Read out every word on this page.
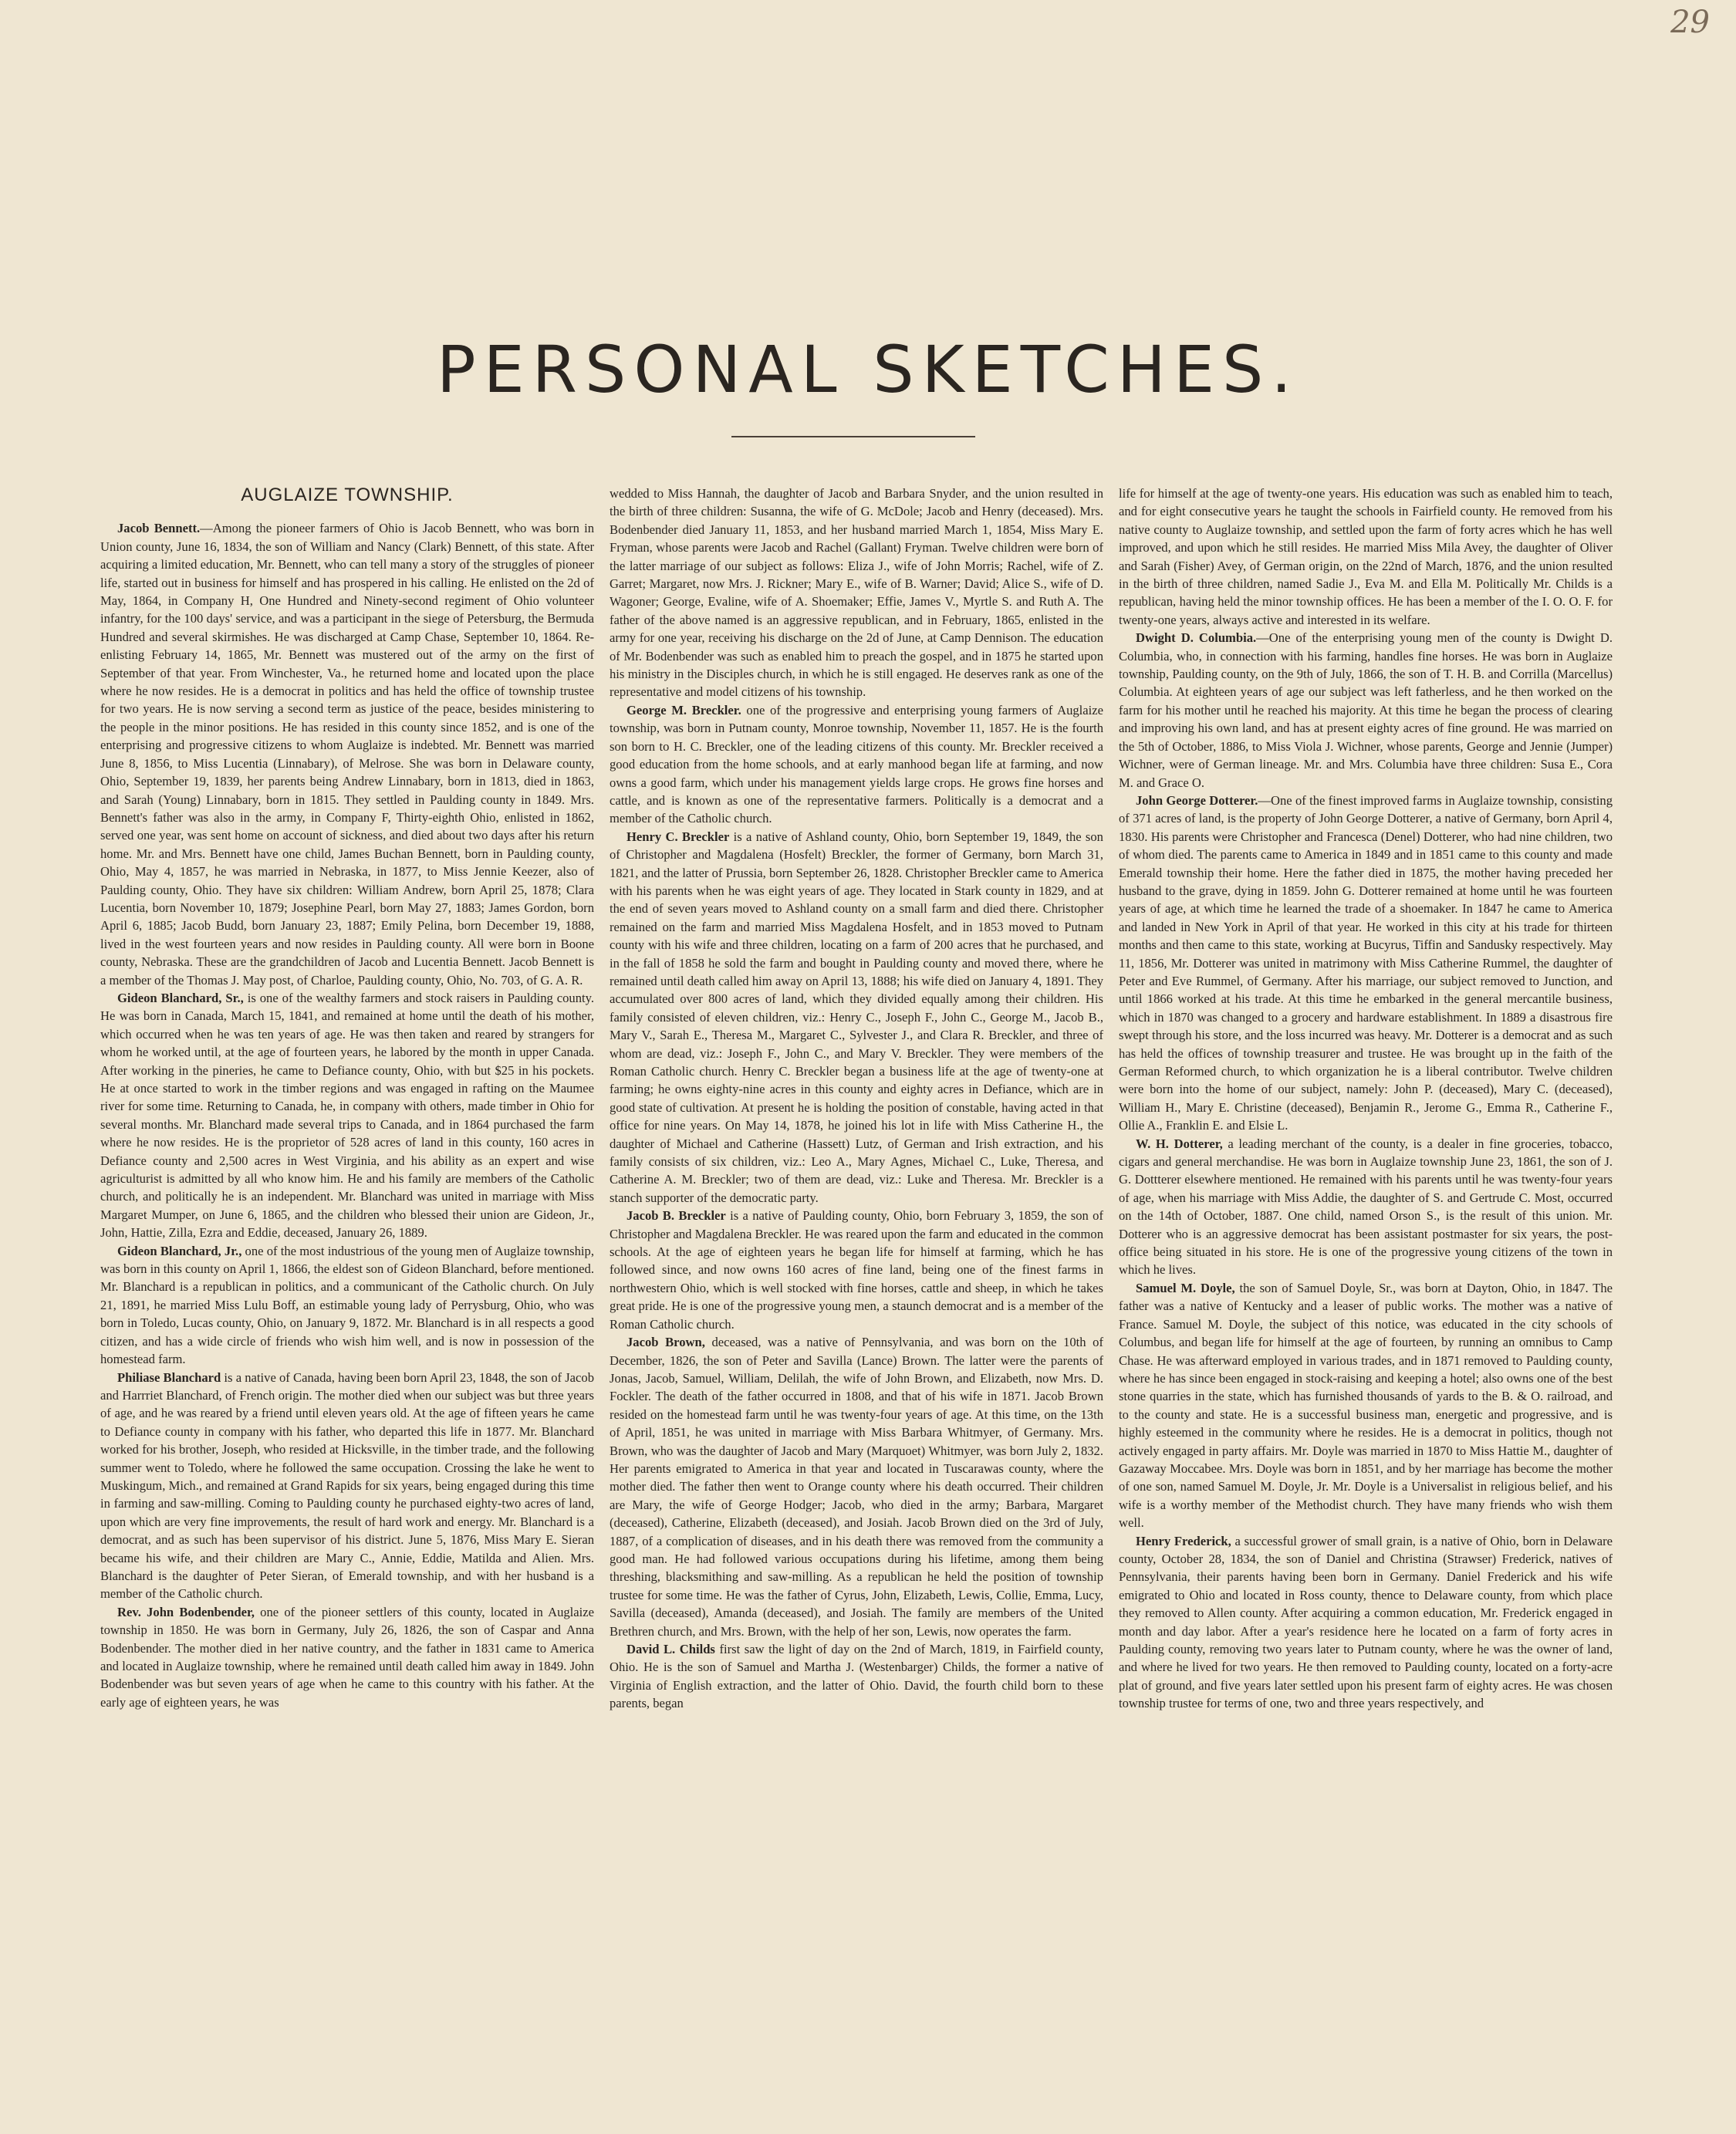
29
PERSONAL SKETCHES.
AUGLAIZE TOWNSHIP.

Jacob Bennett.—Among the pioneer farmers of Ohio is Jacob Bennett, who was born in Union county, June 16, 1834, the son of William and Nancy (Clark) Bennett, of this state. After acquiring a limited education, Mr. Bennett, who can tell many a story of the struggles of pioneer life, started out in business for himself and has prospered in his calling. He enlisted on the 2d of May, 1864, in Company H, One Hundred and Ninety-second regiment of Ohio volunteer infantry, for the 100 days' service, and was a participant in the siege of Petersburg, the Bermuda Hundred and several skirmishes. He was discharged at Camp Chase, September 10, 1864. Re-enlisting February 14, 1865, Mr. Bennett was mustered out of the army on the first of September of that year. From Winchester, Va., he returned home and located upon the place where he now resides. He is a democrat in politics and has held the office of township trustee for two years. He is now serving a second term as justice of the peace, besides ministering to the people in the minor positions. He has resided in this county since 1852, and is one of the enterprising and progressive citizens to whom Auglaize is indebted. Mr. Bennett was married June 8, 1856, to Miss Lucentia (Linnabary), of Melrose. She was born in Delaware county, Ohio, September 19, 1839, her parents being Andrew Linnabary, born in 1813, died in 1863, and Sarah (Young) Linnabary, born in 1815. They settled in Paulding county in 1849. Mrs. Bennett's father was also in the army, in Company F, Thirty-eighth Ohio, enlisted in 1862, served one year, was sent home on account of sickness, and died about two days after his return home. Mr. and Mrs. Bennett have one child, James Buchan Bennett, born in Paulding county, Ohio, May 4, 1857, he was married in Nebraska, in 1877, to Miss Jennie Keezer, also of Paulding county, Ohio. They have six children: William Andrew, born April 25, 1878; Clara Lucentia, born November 10, 1879; Josephine Pearl, born May 27, 1883; James Gordon, born April 6, 1885; Jacob Budd, born January 23, 1887; Emily Pelina, born December 19, 1888, lived in the west fourteen years and now resides in Paulding county. All were born in Boone county, Nebraska. These are the grandchildren of Jacob and Lucentia Bennett. Jacob Bennett is a member of the Thomas J. May post, of Charloe, Paulding county, Ohio, No. 703, of G. A. R.

Gideon Blanchard, Sr., is one of the wealthy farmers and stock raisers in Paulding county. He was born in Canada, March 15, 1841, and remained at home until the death of his mother, which occurred when he was ten years of age. He was then taken and reared by strangers for whom he worked until, at the age of fourteen years, he labored by the month in upper Canada. After working in the pineries, he came to Defiance county, Ohio, with but $25 in his pockets. He at once started to work in the timber regions and was engaged in rafting on the Maumee river for some time. Returning to Canada, he, in company with others, made timber in Ohio for several months. Mr. Blanchard made several trips to Canada, and in 1864 purchased the farm where he now resides. He is the proprietor of 528 acres of land in this county, 160 acres in Defiance county and 2,500 acres in West Virginia, and his ability as an expert and wise agriculturist is admitted by all who know him. He and his family are members of the Catholic church, and politically he is an independent. Mr. Blanchard was united in marriage with Miss Margaret Mumper, on June 6, 1865, and the children who blessed their union are Gideon, Jr., John, Hattie, Zilla, Ezra and Eddie, deceased, January 26, 1889.

Gideon Blanchard, Jr., one of the most industrious of the young men of Auglaize township, was born in this county on April 1, 1866, the eldest son of Gideon Blanchard, before mentioned. Mr. Blanchard is a republican in politics, and a communicant of the Catholic church. On July 21, 1891, he married Miss Lulu Boff, an estimable young lady of Perrysburg, Ohio, who was born in Toledo, Lucas county, Ohio, on January 9, 1872. Mr. Blanchard is in all respects a good citizen, and has a wide circle of friends who wish him well, and is now in possession of the homestead farm.

Philiase Blanchard is a native of Canada, having been born April 23, 1848, the son of Jacob and Harrriet Blanchard, of French origin. The mother died when our subject was but three years of age, and he was reared by a friend until eleven years old. At the age of fifteen years he came to Defiance county in company with his father, who departed this life in 1877. Mr. Blanchard worked for his brother, Joseph, who resided at Hicksville, in the timber trade, and the following summer went to Toledo, where he followed the same occupation. Crossing the lake he went to Muskingum, Mich., and remained at Grand Rapids for six years, being engaged during this time in farming and saw-milling. Coming to Paulding county he purchased eighty-two acres of land, upon which are very fine improvements, the result of hard work and energy. Mr. Blanchard is a democrat, and as such has been supervisor of his district. June 5, 1876, Miss Mary E. Sieran became his wife, and their children are Mary C., Annie, Eddie, Matilda and Alien. Mrs. Blanchard is the daughter of Peter Sieran, of Emerald township, and with her husband is a member of the Catholic church.

Rev. John Bodenbender, one of the pioneer settlers of this county, located in Auglaize township in 1850. He was born in Germany, July 26, 1826, the son of Caspar and Anna Bodenbender. The mother died in her native country, and the father in 1831 came to America and located in Auglaize township, where he remained until death called him away in 1849. John Bodenbender was but seven years of age when he came to this country with his father. At the early age of eighteen years, he was

wedded to Miss Hannah, the daughter of Jacob and Barbara Snyder, and the union resulted in the birth of three children: Susanna, the wife of G. McDole; Jacob and Henry (deceased). Mrs. Bodenbender died January 11, 1853, and her husband married March 1, 1854, Miss Mary E. Fryman, whose parents were Jacob and Rachel (Gallant) Fryman. Twelve children were born of the latter marriage of our subject as follows: Eliza J., wife of John Morris; Rachel, wife of Z. Garret; Margaret, now Mrs. J. Rickner; Mary E., wife of B. Warner; David; Alice S., wife of D. Wagoner; George, Evaline, wife of A. Shoemaker; Effie, James V., Myrtle S. and Ruth A. The father of the above named is an aggressive republican, and in February, 1865, enlisted in the army for one year, receiving his discharge on the 2d of June, at Camp Dennison. The education of Mr. Bodenbender was such as enabled him to preach the gospel, and in 1875 he started upon his ministry in the Disciples church, in which he is still engaged. He deserves rank as one of the representative and model citizens of his township.

George M. Breckler. one of the progressive and enterprising young farmers of Auglaize township, was born in Putnam county, Monroe township, November 11, 1857. He is the fourth son born to H. C. Breckler, one of the leading citizens of this county. Mr. Breckler received a good education from the home schools, and at early manhood began life at farming, and now owns a good farm, which under his management yields large crops. He grows fine horses and cattle, and is known as one of the representative farmers. Politically is a democrat and a member of the Catholic church.

Henry C. Breckler is a native of Ashland county, Ohio, born September 19, 1849, the son of Christopher and Magdalena (Hosfelt) Breckler, the former of Germany, born March 31, 1821, and the latter of Prussia, born September 26, 1828. Christopher Breckler came to America with his parents when he was eight years of age. They located in Stark county in 1829, and at the end of seven years moved to Ashland county on a small farm and died there. Christopher remained on the farm and married Miss Magdalena Hosfelt, and in 1853 moved to Putnam county with his wife and three children, locating on a farm of 200 acres that he purchased, and in the fall of 1858 he sold the farm and bought in Paulding county and moved there, where he remained until death called him away on April 13, 1888; his wife died on January 4, 1891. They accumulated over 800 acres of land, which they divided equally among their children. His family consisted of eleven children, viz.: Henry C., Joseph F., John C., George M., Jacob B., Mary V., Sarah E., Theresa M., Margaret C., Sylvester J., and Clara R. Breckler, and three of whom are dead, viz.: Joseph F., John C., and Mary V. Breckler. They were members of the Roman Catholic church. Henry C. Breckler began a business life at the age of twenty-one at farming; he owns eighty-nine acres in this county and eighty acres in Defiance, which are in good state of cultivation. At present he is holding the position of constable, having acted in that office for nine years. On May 14, 1878, he joined his lot in life with Miss Catherine H., the daughter of Michael and Catherine (Hassett) Lutz, of German and Irish extraction, and his family consists of six children, viz.: Leo A., Mary Agnes, Michael C., Luke, Theresa, and Catherine A. M. Breckler; two of them are dead, viz.: Luke and Theresa. Mr. Breckler is a stanch supporter of the democratic party.

Jacob B. Breckler is a native of Paulding county, Ohio, born February 3, 1859, the son of Christopher and Magdalena Breckler. He was reared upon the farm and educated in the common schools. At the age of eighteen years he began life for himself at farming, which he has followed since, and now owns 160 acres of fine land, being one of the finest farms in northwestern Ohio, which is well stocked with fine horses, cattle and sheep, in which he takes great pride. He is one of the progressive young men, a staunch democrat and is a member of the Roman Catholic church.

Jacob Brown, deceased, was a native of Pennsylvania, and was born on the 10th of December, 1826, the son of Peter and Savilla (Lance) Brown. The latter were the parents of Jonas, Jacob, Samuel, William, Delilah, the wife of John Brown, and Elizabeth, now Mrs. D. Fockler. The death of the father occurred in 1808, and that of his wife in 1871. Jacob Brown resided on the homestead farm until he was twenty-four years of age. At this time, on the 13th of April, 1851, he was united in marriage with Miss Barbara Whitmyer, of Germany. Mrs. Brown, who was the daughter of Jacob and Mary (Marquoet) Whitmyer, was born July 2, 1832. Her parents emigrated to America in that year and located in Tuscarawas county, where the mother died. The father then went to Orange county where his death occurred. Their children are Mary, the wife of George Hodger; Jacob, who died in the army; Barbara, Margaret (deceased), Catherine, Elizabeth (deceased), and Josiah. Jacob Brown died on the 3rd of July, 1887, of a complication of diseases, and in his death there was removed from the community a good man. He had followed various occupations during his lifetime, among them being threshing, blacksmithing and saw-milling. As a republican he held the position of township trustee for some time. He was the father of Cyrus, John, Elizabeth, Lewis, Collie, Emma, Lucy, Savilla (deceased), Amanda (deceased), and Josiah. The family are members of the United Brethren church, and Mrs. Brown, with the help of her son, Lewis, now operates the farm.

David L. Childs first saw the light of day on the 2nd of March, 1819, in Fairfield county, Ohio. He is the son of Samuel and Martha J. (Westenbarger) Childs, the former a native of Virginia of English extraction, and the latter of Ohio. David, the fourth child born to these parents, began

life for himself at the age of twenty-one years. His education was such as enabled him to teach, and for eight consecutive years he taught the schools in Fairfield county. He removed from his native county to Auglaize township, and settled upon the farm of forty acres which he has well improved, and upon which he still resides. He married Miss Mila Avey, the daughter of Oliver and Sarah (Fisher) Avey, of German origin, on the 22nd of March, 1876, and the union resulted in the birth of three children, named Sadie J., Eva M. and Ella M. Politically Mr. Childs is a republican, having held the minor township offices. He has been a member of the I. O. O. F. for twenty-one years, always active and interested in its welfare.

Dwight D. Columbia.—One of the enterprising young men of the county is Dwight D. Columbia, who, in connection with his farming, handles fine horses. He was born in Auglaize township, Paulding county, on the 9th of July, 1866, the son of T. H. B. and Corrilla (Marcellus) Columbia. At eighteen years of age our subject was left fatherless, and he then worked on the farm for his mother until he reached his majority. At this time he began the process of clearing and improving his own land, and has at present eighty acres of fine ground. He was married on the 5th of October, 1886, to Miss Viola J. Wichner, whose parents, George and Jennie (Jumper) Wichner, were of German lineage. Mr. and Mrs. Columbia have three children: Susa E., Cora M. and Grace O.

John George Dotterer.—One of the finest improved farms in Auglaize township, consisting of 371 acres of land, is the property of John George Dotterer, a native of Germany, born April 4, 1830. His parents were Christopher and Francesca (Denel) Dotterer, who had nine children, two of whom died. The parents came to America in 1849 and in 1851 came to this county and made Emerald township their home. Here the father died in 1875, the mother having preceded her husband to the grave, dying in 1859. John G. Dotterer remained at home until he was fourteen years of age, at which time he learned the trade of a shoemaker. In 1847 he came to America and landed in New York in April of that year. He worked in this city at his trade for thirteen months and then came to this state, working at Bucyrus, Tiffin and Sandusky respectively. May 11, 1856, Mr. Dotterer was united in matrimony with Miss Catherine Rummel, the daughter of Peter and Eve Rummel, of Germany. After his marriage, our subject removed to Junction, and until 1866 worked at his trade. At this time he embarked in the general mercantile business, which in 1870 was changed to a grocery and hardware establishment. In 1889 a disastrous fire swept through his store, and the loss incurred was heavy. Mr. Dotterer is a democrat and as such has held the offices of township treasurer and trustee. He was brought up in the faith of the German Reformed church, to which organization he is a liberal contributor. Twelve children were born into the home of our subject, namely: John P. (deceased), Mary C. (deceased), William H., Mary E. Christine (deceased), Benjamin R., Jerome G., Emma R., Catherine F., Ollie A., Franklin E. and Elsie L.

W. H. Dotterer, a leading merchant of the county, is a dealer in fine groceries, tobacco, cigars and general merchandise. He was born in Auglaize township June 23, 1861, the son of J. G. Dottterer elsewhere mentioned. He remained with his parents until he was twenty-four years of age, when his marriage with Miss Addie, the daughter of S. and Gertrude C. Most, occurred on the 14th of October, 1887. One child, named Orson S., is the result of this union. Mr. Dotterer who is an aggressive democrat has been assistant postmaster for six years, the post-office being situated in his store. He is one of the progressive young citizens of the town in which he lives.

Samuel M. Doyle, the son of Samuel Doyle, Sr., was born at Dayton, Ohio, in 1847. The father was a native of Kentucky and a leaser of public works. The mother was a native of France. Samuel M. Doyle, the subject of this notice, was educated in the city schools of Columbus, and began life for himself at the age of fourteen, by running an omnibus to Camp Chase. He was afterward employed in various trades, and in 1871 removed to Paulding county, where he has since been engaged in stock-raising and keeping a hotel; also owns one of the best stone quarries in the state, which has furnished thousands of yards to the B. & O. railroad, and to the county and state. He is a successful business man, energetic and progressive, and is highly esteemed in the community where he resides. He is a democrat in politics, though not actively engaged in party affairs. Mr. Doyle was married in 1870 to Miss Hattie M., daughter of Gazaway Moccabee. Mrs. Doyle was born in 1851, and by her marriage has become the mother of one son, named Samuel M. Doyle, Jr. Mr. Doyle is a Universalist in religious belief, and his wife is a worthy member of the Methodist church. They have many friends who wish them well.

Henry Frederick, a successful grower of small grain, is a native of Ohio, born in Delaware county, October 28, 1834, the son of Daniel and Christina (Strawser) Frederick, natives of Pennsylvania, their parents having been born in Germany. Daniel Frederick and his wife emigrated to Ohio and located in Ross county, thence to Delaware county, from which place they removed to Allen county. After acquiring a common education, Mr. Frederick engaged in month and day labor. After a year's residence here he located on a farm of forty acres in Paulding county, removing two years later to Putnam county, where he was the owner of land, and where he lived for two years. He then removed to Paulding county, located on a forty-acre plat of ground, and five years later settled upon his present farm of eighty acres. He was chosen township trustee for terms of one, two and three years respectively, and
